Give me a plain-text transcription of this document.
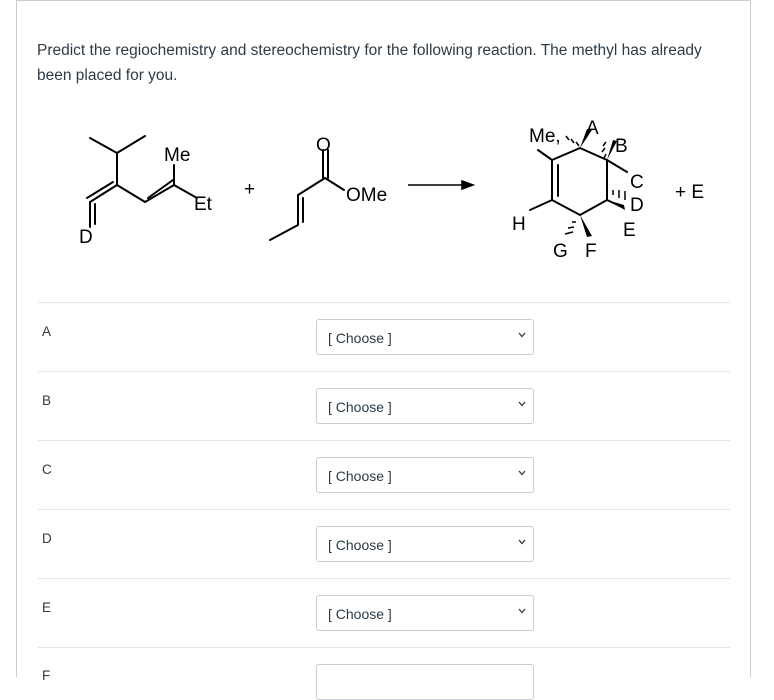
Predict the regiochemistry and stereochemistry for the following reaction. The methyl has already been placed for you.

Me
Et
D
+
O
OMe
Me, A
B
C
D
E
H
G F
+ E
A	[ Choose ]
B	[ Choose ]
C	[ Choose ]
D	[ Choose ]
E	[ Choose ]
F
